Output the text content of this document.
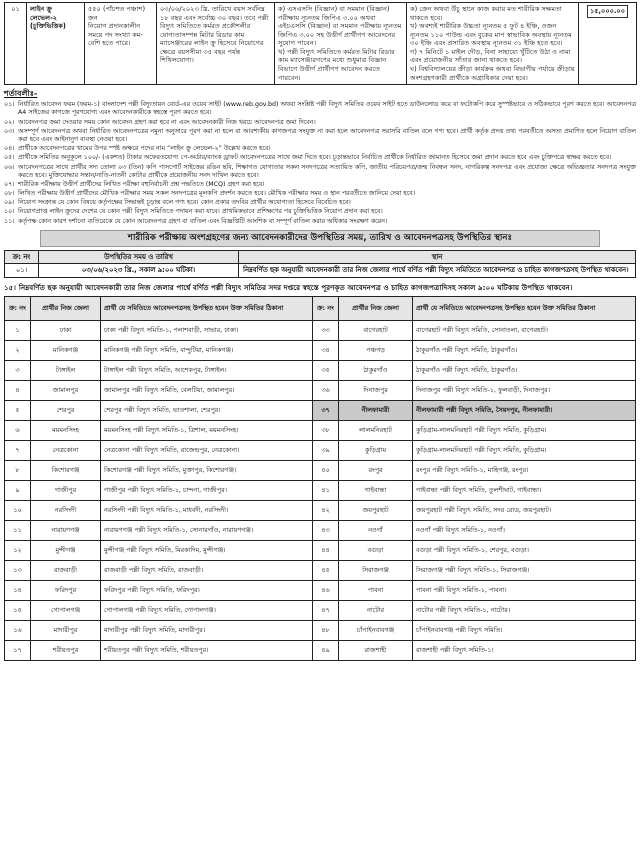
০১	লাইন ক্রু লেভেল-২ (চুক্তিভিত্তিক)	৫৫০ (পাঁচশত পঞ্চাশ) জন
নিয়োগ প্রদানকালীন সময়ে পদ সংখ্যা কম-বেশি হতে পারে।	০৩/০৬/২০২৩ খ্রি. তারিখে বয়স সর্বনিম্ন ১৮ বছর এবং সর্বোচ্চ ৩০ বছর। তবে পল্লী বিদ্যুৎ সমিতিতে কর্মরত প্রকৌশলীর যোগ্যতাসম্পন্ন মিটার রিডার কাম ম্যাসেঞ্জারের লাইন ক্রু হিসেবে নিয়োগের ক্ষেত্রে বয়সসীমা ৩৫ বছর পর্যন্ত শিথিলযোগ্য।	ক) এসএসসি (বিজ্ঞান) বা সমমান (বিজ্ঞান) পরীক্ষায় ন্যূনতম জিপিএ ৩.০০ অথবা এইচএসসি (বিজ্ঞান) বা সমমান পরীক্ষায় ন্যূনতম জিপিএ ৩.০০ সহ উত্তীর্ণ প্রার্থীগণ আবেদনের সুযোগ পাবেন।
খ) পল্লী বিদ্যুৎ সমিতিতে কর্মরত মিটার রিডার কাম ম্যাসেঞ্জারগণের মধ্যে শুধুমাত্র বিজ্ঞান বিভাগে উত্তীর্ণ প্রার্থীগণ আবেদন করতে পারবেন।	ক) ক্রেন অথবা উঁচু স্থানে কাজ করার মত শারীরিক সক্ষমতা থাকতে হবে।
খ) অবশ্যই শারীরিক উচ্চতা ন্যূনতম ৫ ফুট ৪ ইঞ্চি, ওজন ন্যূনতম ১১০ পাউন্ড এবং বুকের মাপ স্বাভাবিক অবস্থায় ন্যূনতম ৩০ ইঞ্চি এবং প্রসারিত অবস্থায় ন্যূনতম ৩১ ইঞ্চি হতে হবে।
গ) ৭ মিনিটে ১ মাইল দৌড়, বিনা সাহায্যে খুঁটিতে উঠা ও নামা এবং প্রয়োজনীয় সাঁতার জানা থাকতে হবে।
ঘ) বিশ্ববিদ্যালয়ের ক্রীড়া কার্যক্রম অথবা বিভাগীয় পর্যায়ে ক্রীড়ায় অংশগ্রহণকারী প্রার্থীকে অগ্রাধিকার দেয়া হবে।	১৫,০০০.০০
শর্তাবলীঃ-
০১। নির্ধারিত আবেদন ফরম (ফরম-১) বাংলাদেশ পল্লী বিদ্যুতায়ন বোর্ড-এর ওয়েব সাইট (www.reb.gov.bd) অথবা সংশ্লিষ্ট পল্লী বিদ্যুৎ সমিতির ওয়েব সাইট হতে ডাউনলোড করে বা ফটোকপি করে সুস্পষ্টভাবে ও সঠিকভাবে পূরণ করতে হবে। আবেদনপত্র A4 সাইজের কাগজে পূরণযোগ্য এবং আবেদনকারীকে স্বহস্তে পূরণ করতে হবে।
০২। আবেদনপত্র জমা দেওয়ার সময় কোন আবেদন গ্রহণ করা হবে না এবং আবেদনকারী নিজ খরচে আবেদনপত্র জমা দিবেন।
০৩। অসম্পূর্ণ আবেদনপত্র অথবা নির্ধারিত আবেদনপত্রের নমুনা অনুসারে পূরণ করা না হলে বা আবশ্যকীয় কাগজপত্র সংযুক্ত না করা হলে আবেদনপত্র সরাসরি বাতিল বলে গণ্য হবে। প্রার্থী কর্তৃক প্রদত্ত তথ্য পরবর্তীতে অসত্য প্রমাণিত হলে নিয়োগ বাতিল করা হবে এবং আইনানুগ ব্যবস্থা নেওয়া হবে।
০৪। প্রার্থীকে আবেদনপত্রের খামের উপর স্পষ্ট অক্ষরে পদের নাম “লাইন ক্রু লেভেল-২” উল্লেখ করতে হবে।
০৫। প্রার্থীকে সমিতির অনুকূলে ১০০/- (একশত) টাকার অফেরতযোগ্য পে-অর্ডার/ব্যাংক ড্রাফট আবেদনপত্রের সাথে জমা দিতে হবে। চূড়ান্তভাবে নির্বাচিত প্রার্থীকে নির্ধারিত জামানত হিসেবে জমা প্রদান করতে হবে এবং চুক্তিপত্রে স্বাক্ষর করতে হবে।
০৬। আবেদনপত্রের সাথে প্রার্থীর সদ্য তোলা ০৩ (তিন) কপি পাসপোর্ট সাইজের রঙিন ছবি, শিক্ষাগত যোগ্যতার সকল সনদপত্রের সত্যায়িত কপি, জাতীয় পরিচয়পত্র/জন্ম নিবন্ধন সনদ, নাগরিকত্ব সনদপত্র এবং প্রযোজ্য ক্ষেত্রে অভিজ্ঞতার সনদপত্র সংযুক্ত করতে হবে। মুক্তিযোদ্ধার সন্তান/নাতি-নাতনী কোটার প্রার্থীকে প্রয়োজনীয় সনদ দাখিল করতে হবে।
০৭। শারীরিক পরীক্ষায় উত্তীর্ণ প্রার্থীদের লিখিত পরীক্ষা বহুনির্বাচনী প্রশ্ন পদ্ধতিতে (MCQ) গ্রহণ করা হবে।
০৮। লিখিত পরীক্ষায় উত্তীর্ণ প্রার্থীদের মৌখিক পরীক্ষার সময় সকল সনদপত্রের মূলকপি প্রদর্শন করতে হবে। মৌখিক পরীক্ষার সময় ও স্থান পরবর্তীতে জানিয়ে দেয়া হবে।
০৯। নিয়োগ সংক্রান্ত যে কোন বিষয়ে কর্তৃপক্ষের সিদ্ধান্তই চূড়ান্ত বলে গণ্য হবে। কোন প্রকার তদবির প্রার্থীর অযোগ্যতা হিসেবে বিবেচিত হবে।
১০। নিয়োগপ্রাপ্ত লাইন ক্রুদের দেশের যে কোন পল্লী বিদ্যুৎ সমিতিতে পদায়ন করা যাবে। প্রাথমিকভাবে প্রশিক্ষণের পর চুক্তিভিত্তিক নিয়োগ প্রদান করা হবে।
১১। কর্তৃপক্ষ কোন কারণ দর্শানো ব্যতিরেকে যে কোন আবেদনপত্র গ্রহণ বা বাতিল এবং বিজ্ঞপ্তিটি আংশিক বা সম্পূর্ণ বাতিল করার অধিকার সংরক্ষণ করেন।
শারীরিক পরীক্ষায় অংশগ্রহণের জন্য আবেদনকারীদের উপস্থিতির সময়, তারিখ ও আবেদনপত্রসহ উপস্থিতির স্থানঃ
ক্র: নং	উপস্থিতির সময় ও তারিখ	স্থান
০১।	০৩/০৬/২০২৩ খ্রি., সকাল ৯:০০ ঘটিকা।	নিম্নবর্ণিত ছক অনুযায়ী আবেদনকারী তার নিজ জেলার পার্শ্বে বর্ণিত পল্লী বিদ্যুৎ সমিতিতে আবেদনপত্র ও চাহিত কাগজপত্রসহ উপস্থিত থাকবেন।
১৫। নিম্নবর্ণিত ছক অনুযায়ী আবেদনকারী তার নিজ জেলার পার্শ্বে বর্ণিত পল্লী বিদ্যুৎ সমিতির সদর দপ্তরে স্বহস্তে পূরণকৃত আবেদনপত্র ও চাহিত কাগজপত্রাদিসহ সকাল ৯:০০ ঘটিকায় উপস্থিত থাকবেন।
ক্র: নং	প্রার্থীর নিজ জেলা	প্রার্থী যে সমিতিতে আবেদনপত্রসহ উপস্থিত হবেন উক্ত সমিতির ঠিকানা	ক্র: নং	প্রার্থীর নিজ জেলা	প্রার্থী যে সমিতিতে আবেদনপত্রসহ উপস্থিত হবেন উক্ত সমিতির ঠিকানা
১	ঢাকা	ঢাকা পল্লী বিদ্যুৎ সমিতি-১, পলাশবাড়ী, সাভার, ঢাকা।	৩৩	বাগেরহাট	বাগেরহাট পল্লী বিদ্যুৎ সমিতি, সোনাতলা, বাগেরহাট।
২	মানিকগঞ্জ	মানিকগঞ্জ পল্লী বিদ্যুৎ সমিতি, বান্দুটিয়া, মানিকগঞ্জ।	৩৪	পঞ্চগড়	ঠাকুরগাঁও পল্লী বিদ্যুৎ সমিতি, ঠাকুরগাঁও।
৩	টাঙ্গাইল	টাঙ্গাইল পল্লী বিদ্যুৎ সমিতি, আশেকপুর, টাঙ্গাইল।	৩৫	ঠাকুরগাঁও	ঠাকুরগাঁও পল্লী বিদ্যুৎ সমিতি, ঠাকুরগাঁও।
৪	জামালপুর	জামালপুর পল্লী বিদ্যুৎ সমিতি, বেলটিয়া, জামালপুর।	৩৬	দিনাজপুর	দিনাজপুর পল্লী বিদ্যুৎ সমিতি-১, ফুলবাড়ী, দিনাজপুর।
৫	শেরপুর	শেরপুর পল্লী বিদ্যুৎ সমিতি, ভাতশালা, শেরপুর।	৩৭	নীলফামারী	নীলফামারী পল্লী বিদ্যুৎ সমিতি, সৈয়দপুর, নীলফামারী।
৬	ময়মনসিংহ	ময়মনসিংহ পল্লী বিদ্যুৎ সমিতি-১, ত্রিশাল, ময়মনসিংহ।	৩৮	লালমনিরহাট	কুড়িগ্রাম-লালমনিরহাট পল্লী বিদ্যুৎ সমিতি, কুড়িগ্রাম।
৭	নেত্রকোনা	নেত্রকোনা পল্লী বিদ্যুৎ সমিতি, রাজেন্দ্রপুর, নেত্রকোনা।	৩৯	কুড়িগ্রাম	কুড়িগ্রাম-লালমনিরহাট পল্লী বিদ্যুৎ সমিতি, কুড়িগ্রাম।
৮	কিশোরগঞ্জ	কিশোরগঞ্জ পল্লী বিদ্যুৎ সমিতি, মুক্তাপুর, কিশোরগঞ্জ।	৪০	রংপুর	রংপুর পল্লী বিদ্যুৎ সমিতি-১, মাহিগঞ্জ, রংপুর।
৯	গাজীপুর	গাজীপুর পল্লী বিদ্যুৎ সমিতি-১, চান্দনা, গাজীপুর।	৪১	গাইবান্ধা	গাইবান্ধা পল্লী বিদ্যুৎ সমিতি, তুলশীঘাট, গাইবান্ধা।
১০	নরসিংদী	নরসিংদী পল্লী বিদ্যুৎ সমিতি-১, মাধবদী, নরসিংদী।	৪২	জয়পুরহাট	জয়পুরহাট পল্লী বিদ্যুৎ সমিতি, সদর রোড, জয়পুরহাট।
১১	নারায়ণগঞ্জ	নারায়ণগঞ্জ পল্লী বিদ্যুৎ সমিতি-১, সোনারগাঁও, নারায়ণগঞ্জ।	৪৩	নওগাঁ	নওগাঁ পল্লী বিদ্যুৎ সমিতি-১, নওগাঁ।
১২	মুন্সীগঞ্জ	মুন্সীগঞ্জ পল্লী বিদ্যুৎ সমিতি, মিরকাদিম, মুন্সীগঞ্জ।	৪৪	বগুড়া	বগুড়া পল্লী বিদ্যুৎ সমিতি-১, শেরপুর, বগুড়া।
১৩	রাজবাড়ী	রাজবাড়ী পল্লী বিদ্যুৎ সমিতি, রাজবাড়ী।	৪৫	সিরাজগঞ্জ	সিরাজগঞ্জ পল্লী বিদ্যুৎ সমিতি-১, সিরাজগঞ্জ।
১৪	ফরিদপুর	ফরিদপুর পল্লী বিদ্যুৎ সমিতি, ফরিদপুর।	৪৬	পাবনা	পাবনা পল্লী বিদ্যুৎ সমিতি-১, পাবনা।
১৫	গোপালগঞ্জ	গোপালগঞ্জ পল্লী বিদ্যুৎ সমিতি, গোপালগঞ্জ।	৪৭	নাটোর	নাটোর পল্লী বিদ্যুৎ সমিতি-১, নাটোর।
১৬	মাদারীপুর	মাদারীপুর পল্লী বিদ্যুৎ সমিতি, মাদারীপুর।	৪৮	চাঁপাইনবাবগঞ্জ	চাঁপাইনবাবগঞ্জ পল্লী বিদ্যুৎ সমিতি।
১৭	শরীয়তপুর	শরীয়তপুর পল্লী বিদ্যুৎ সমিতি, শরীয়তপুর।	৪৯	রাজশাহী	রাজশাহী পল্লী বিদ্যুৎ সমিতি-১।
